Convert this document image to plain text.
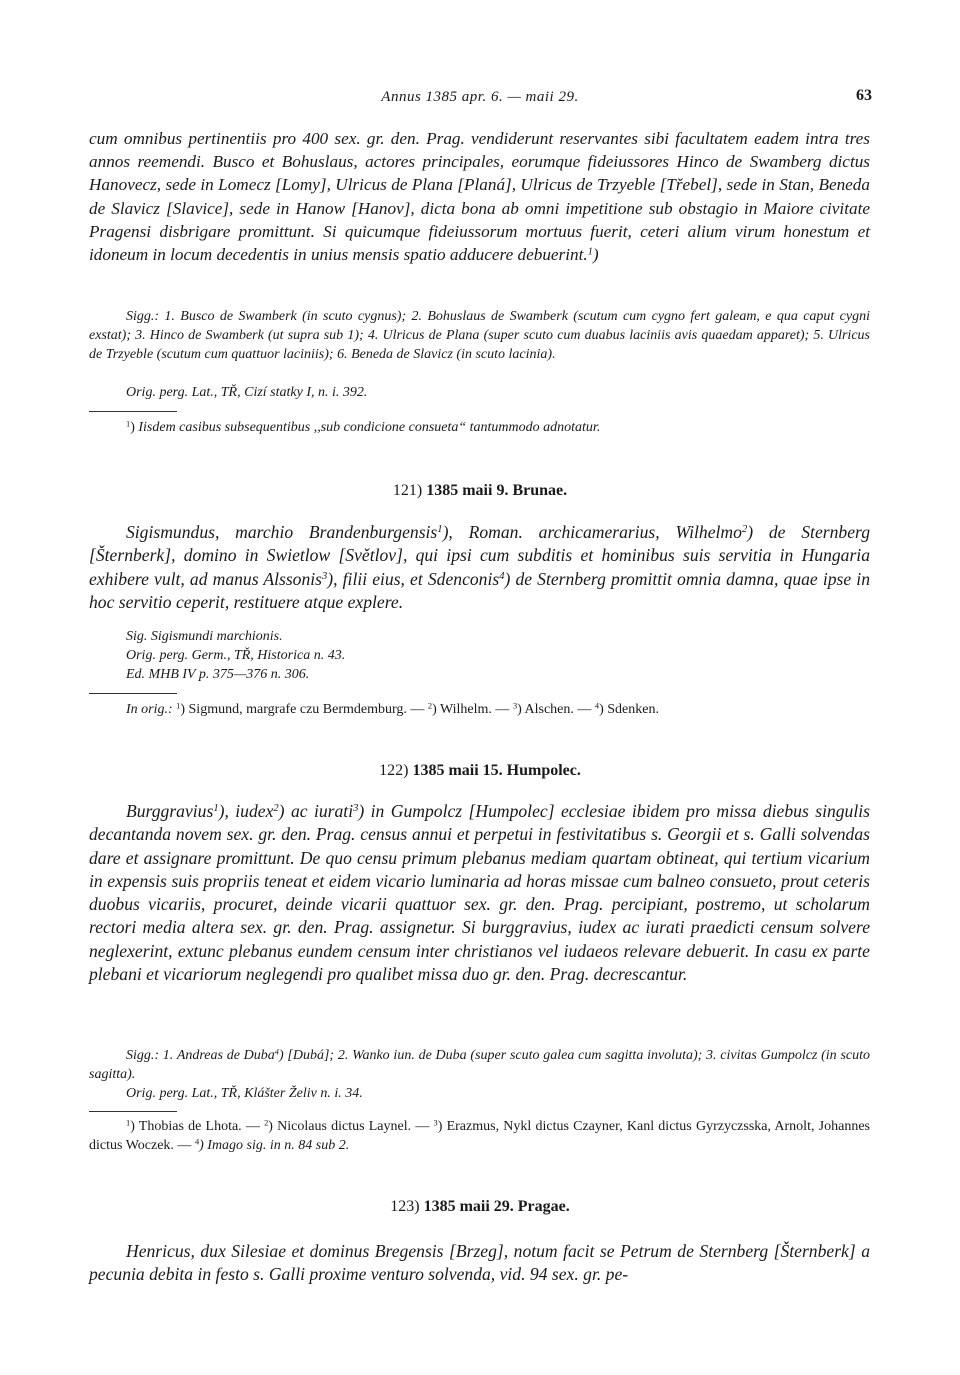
Annus 1385 apr. 6. — maii 29.	63
cum omnibus pertinentiis pro 400 sex. gr. den. Prag. vendiderunt reservantes sibi facultatem eadem intra tres annos reemendi. Busco et Bohuslaus, actores principales, eorumque fideiussores Hinco de Swamberg dictus Hanovecz, sede in Lomecz [Lomy], Ulricus de Plana [Planá], Ulricus de Trzyeble [Třebel], sede in Stan, Beneda de Slavicz [Slavice], sede in Hanow [Hanov], dicta bona ab omni impetitione sub obstagio in Maiore civitate Pragensi disbrigare promittunt. Si quicumque fideiussorum mortuus fuerit, ceteri alium virum honestum et idoneum in locum decedentis in unius mensis spatio adducere debuerint.$^1$)
Sigg.: 1. Busco de Swamberk (in scuto cygnus); 2. Bohuslaus de Swamberk (scutum cum cygno fert galeam, e qua caput cygni exstat); 3. Hinco de Swamberk (ut supra sub 1); 4. Ulricus de Plana (super scuto cum duabus laciniis avis quaedam apparet); 5. Ulricus de Trzyeble (scutum cum quattuor laciniis); 6. Beneda de Slavicz (in scuto lacinia).
Orig. perg. Lat., TŘ, Cizí statky I, n. i. 392.
$^1$) Iisdem casibus subsequentibus ,,sub condicione consueta“ tantummodo adnotatur.
121) 1385 maii 9. Brunae.
Sigismundus, marchio Brandenburgensis$^1$), Roman. archicamerarius, Wilhelmo$^2$) de Sternberg [Šternberk], domino in Swietlow [Světlov], qui ipsi cum subditis et hominibus suis servitia in Hungaria exhibere vult, ad manus Alssonis$^3$), filii eius, et Sdenconis$^4$) de Sternberg promittit omnia damna, quae ipse in hoc servitio ceperit, restituere atque explere.
Sig. Sigismundi marchionis.
Orig. perg. Germ., TŘ, Historica n. 43.
Ed. MHB IV p. 375—376 n. 306.
In orig.: $^1$) Sigmund, margrafe czu Bermdemburg. — $^2$) Wilhelm. — $^3$) Alschen. — $^4$) Sdenken.
122) 1385 maii 15. Humpolec.
Burggravius$^1$), iudex$^2$) ac iurati$^3$) in Gumpolcz [Humpolec] ecclesiae ibidem pro missa diebus singulis decantanda novem sex. gr. den. Prag. census annui et perpetui in festivitatibus s. Georgii et s. Galli solvendas dare et assignare promittunt. De quo censu primum plebanus mediam quartam obtineat, qui tertium vicarium in expensis suis propriis teneat et eidem vicario luminaria ad horas missae cum balneo consueto, prout ceteris duobus vicariis, procuret, deinde vicarii quattuor sex. gr. den. Prag. percipiant, postremo, ut scholarum rectori media altera sex. gr. den. Prag. assignetur. Si burggravius, iudex ac iurati praedicti censum solvere neglexerint, extunc plebanus eundem censum inter christianos vel iudaeos relevare debuerit. In casu ex parte plebani et vicariorum neglegendi pro qualibet missa duo gr. den. Prag. decrescantur.
Sigg.: 1. Andreas de Duba$^4$) [Dubá]; 2. Wanko iun. de Duba (super scuto galea cum sagitta involuta); 3. civitas Gumpolcz (in scuto sagitta).
Orig. perg. Lat., TŘ, Klášter Želiv n. i. 34.
$^1$) Thobias de Lhota. — $^2$) Nicolaus dictus Laynel. — $^3$) Erazmus, Nykl dictus Czayner, Kanl dictus Gyrzyczsska, Arnolt, Johannes dictus Woczek. — $^4$) Imago sig. in n. 84 sub 2.
123) 1385 maii 29. Pragae.
Henricus, dux Silesiae et dominus Bregensis [Brzeg], notum facit se Petrum de Sternberg [Šternberk] a pecunia debita in festo s. Galli proxime venturo solvenda, vid. 94 sex. gr. pe-
